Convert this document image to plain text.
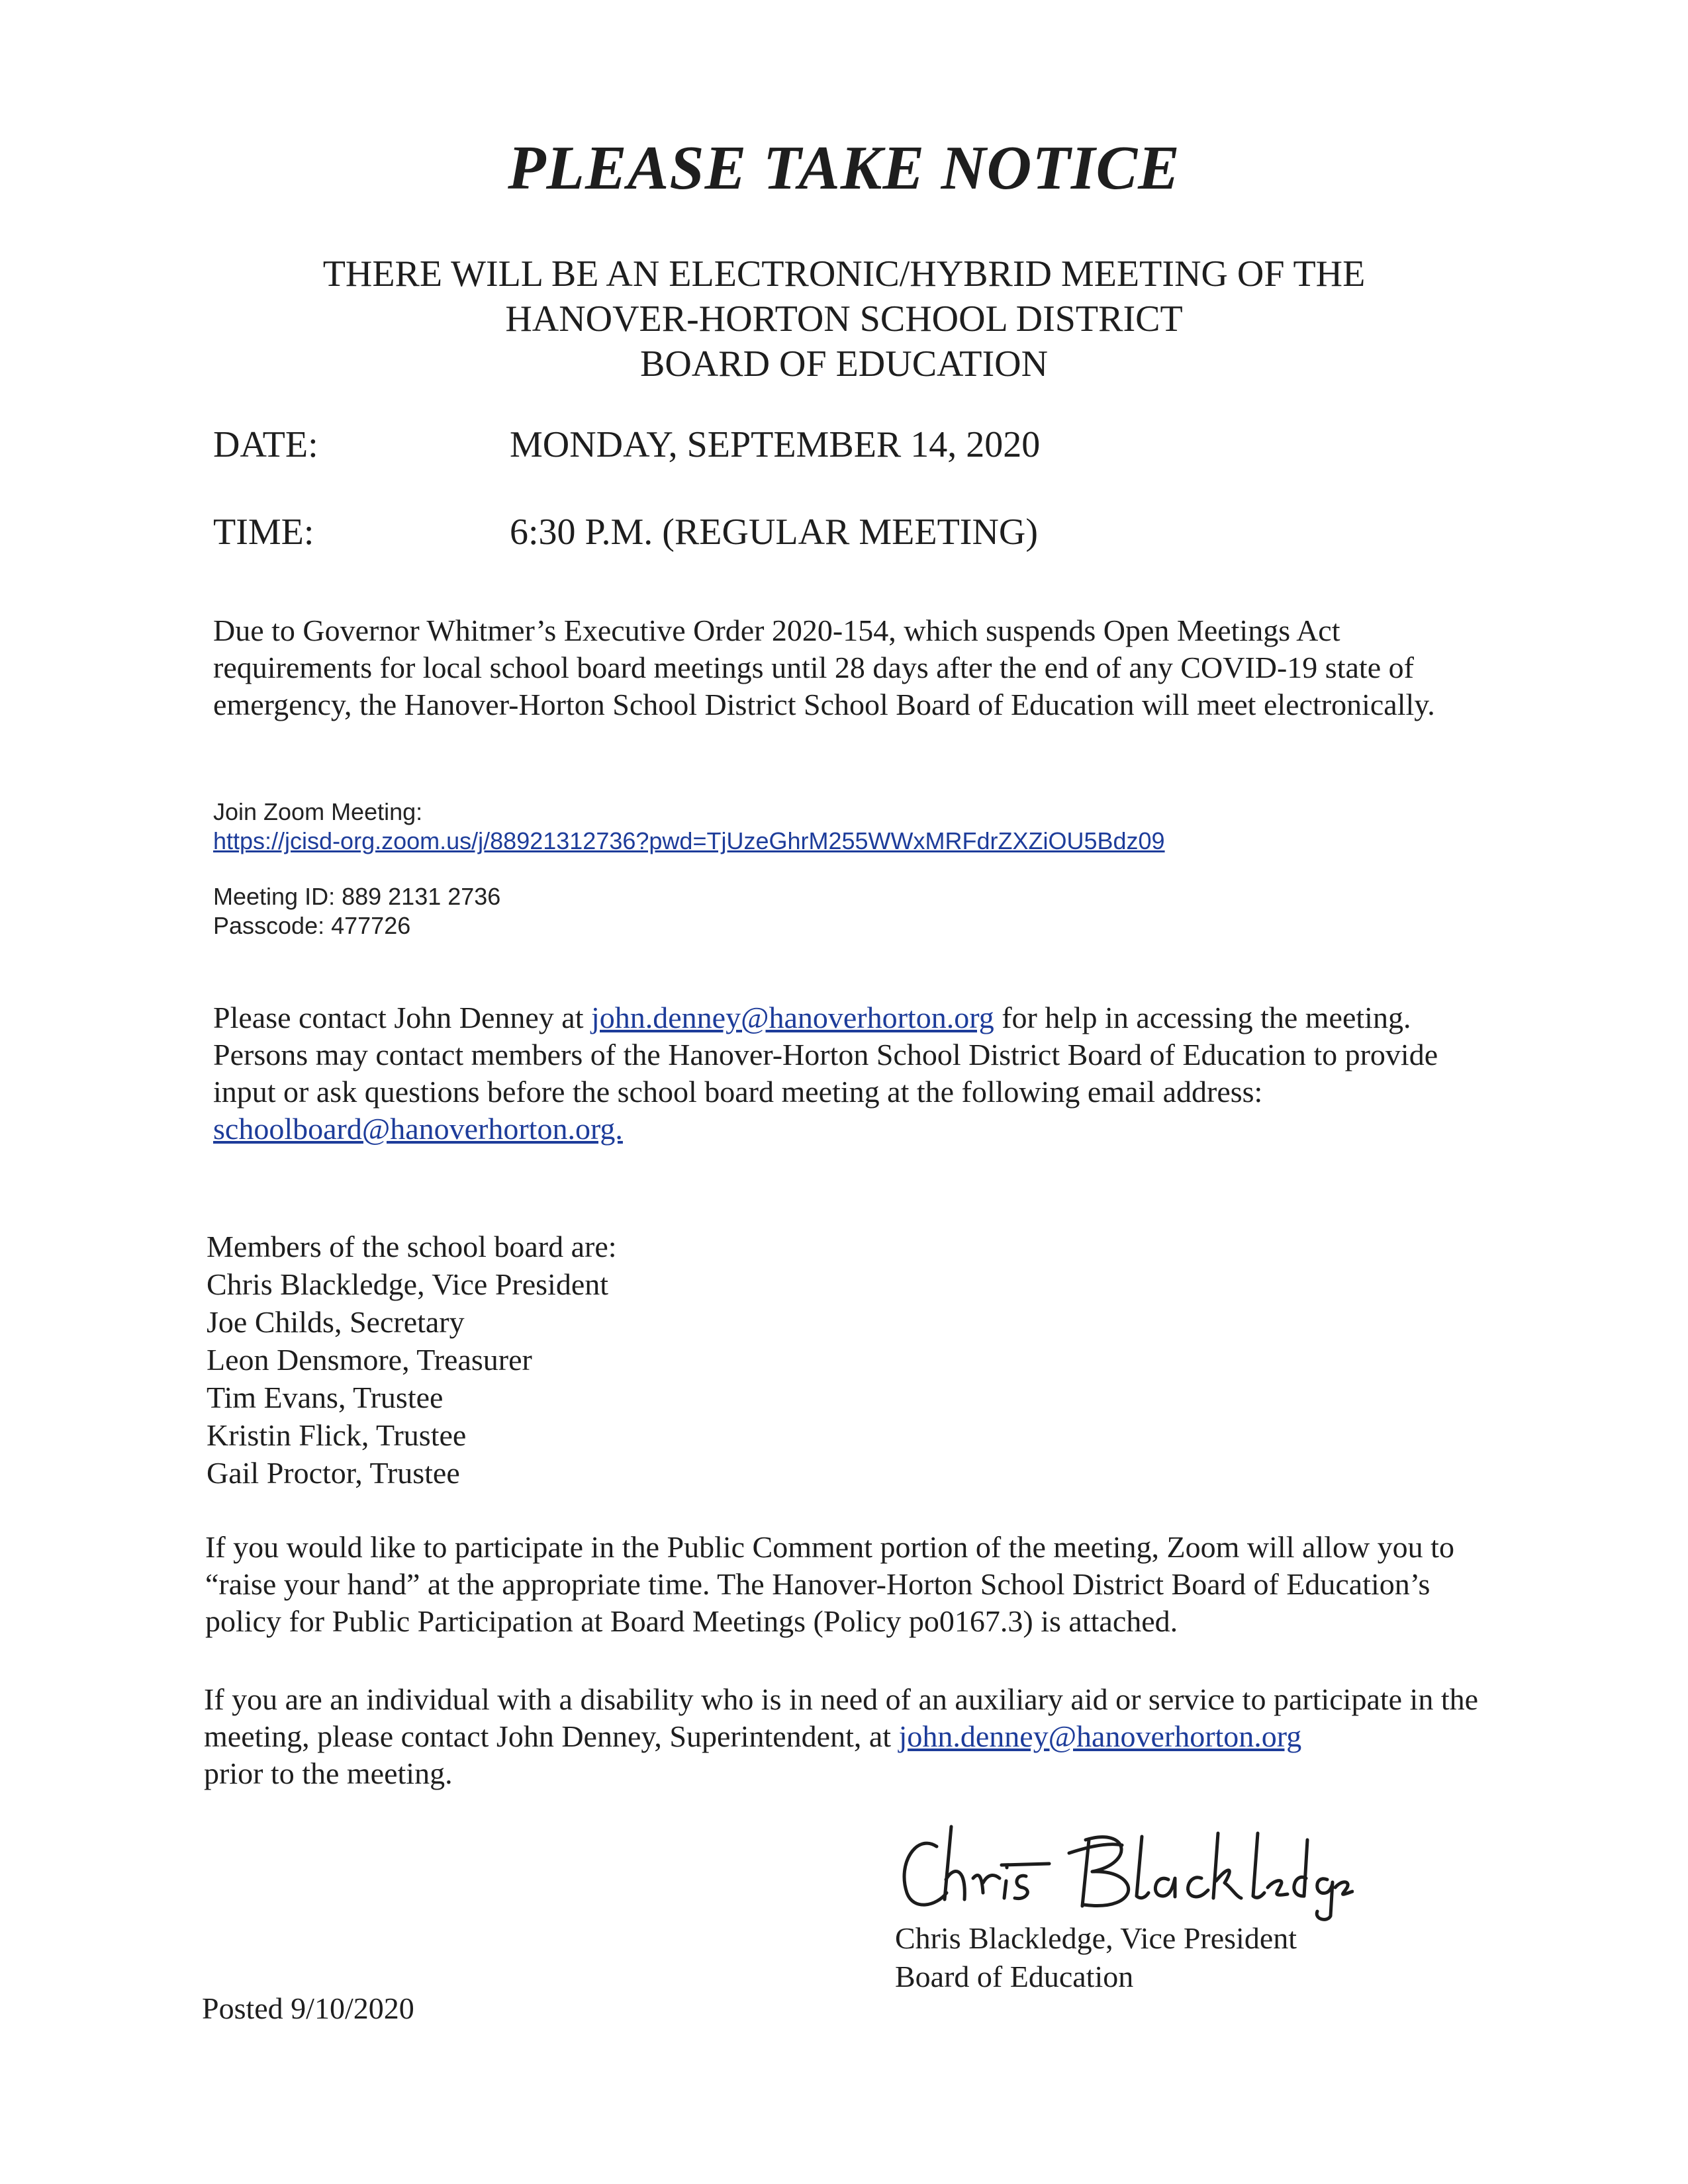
PLEASE TAKE NOTICE
THERE WILL BE AN ELECTRONIC/HYBRID MEETING OF THE
HANOVER-HORTON SCHOOL DISTRICT
BOARD OF EDUCATION
DATE:	MONDAY, SEPTEMBER 14, 2020
TIME:	6:30 P.M. (REGULAR MEETING)
Due to Governor Whitmer’s Executive Order 2020-154, which suspends Open Meetings Act requirements for local school board meetings until 28 days after the end of any COVID-19 state of emergency, the Hanover-Horton School District School Board of Education will meet electronically.
Join Zoom Meeting:
https://jcisd-org.zoom.us/j/88921312736?pwd=TjUzeGhrM255WWxMRFdrZXZiOU5Bdz09
Meeting ID: 889 2131 2736
Passcode: 477726
Please contact John Denney at john.denney@hanoverhorton.org for help in accessing the meeting.
Persons may contact members of the Hanover-Horton School District Board of Education to provide input or ask questions before the school board meeting at the following email address:
schoolboard@hanoverhorton.org.
Members of the school board are:
Chris Blackledge, Vice President
Joe Childs, Secretary
Leon Densmore, Treasurer
Tim Evans, Trustee
Kristin Flick, Trustee
Gail Proctor, Trustee
If you would like to participate in the Public Comment portion of the meeting, Zoom will allow you to “raise your hand” at the appropriate time. The Hanover-Horton School District Board of Education’s policy for Public Participation at Board Meetings (Policy po0167.3) is attached.
If you are an individual with a disability who is in need of an auxiliary aid or service to participate in the meeting, please contact John Denney, Superintendent, at john.denney@hanoverhorton.org prior to the meeting.
Chris Blackledge, Vice President
Board of Education
Posted 9/10/2020
